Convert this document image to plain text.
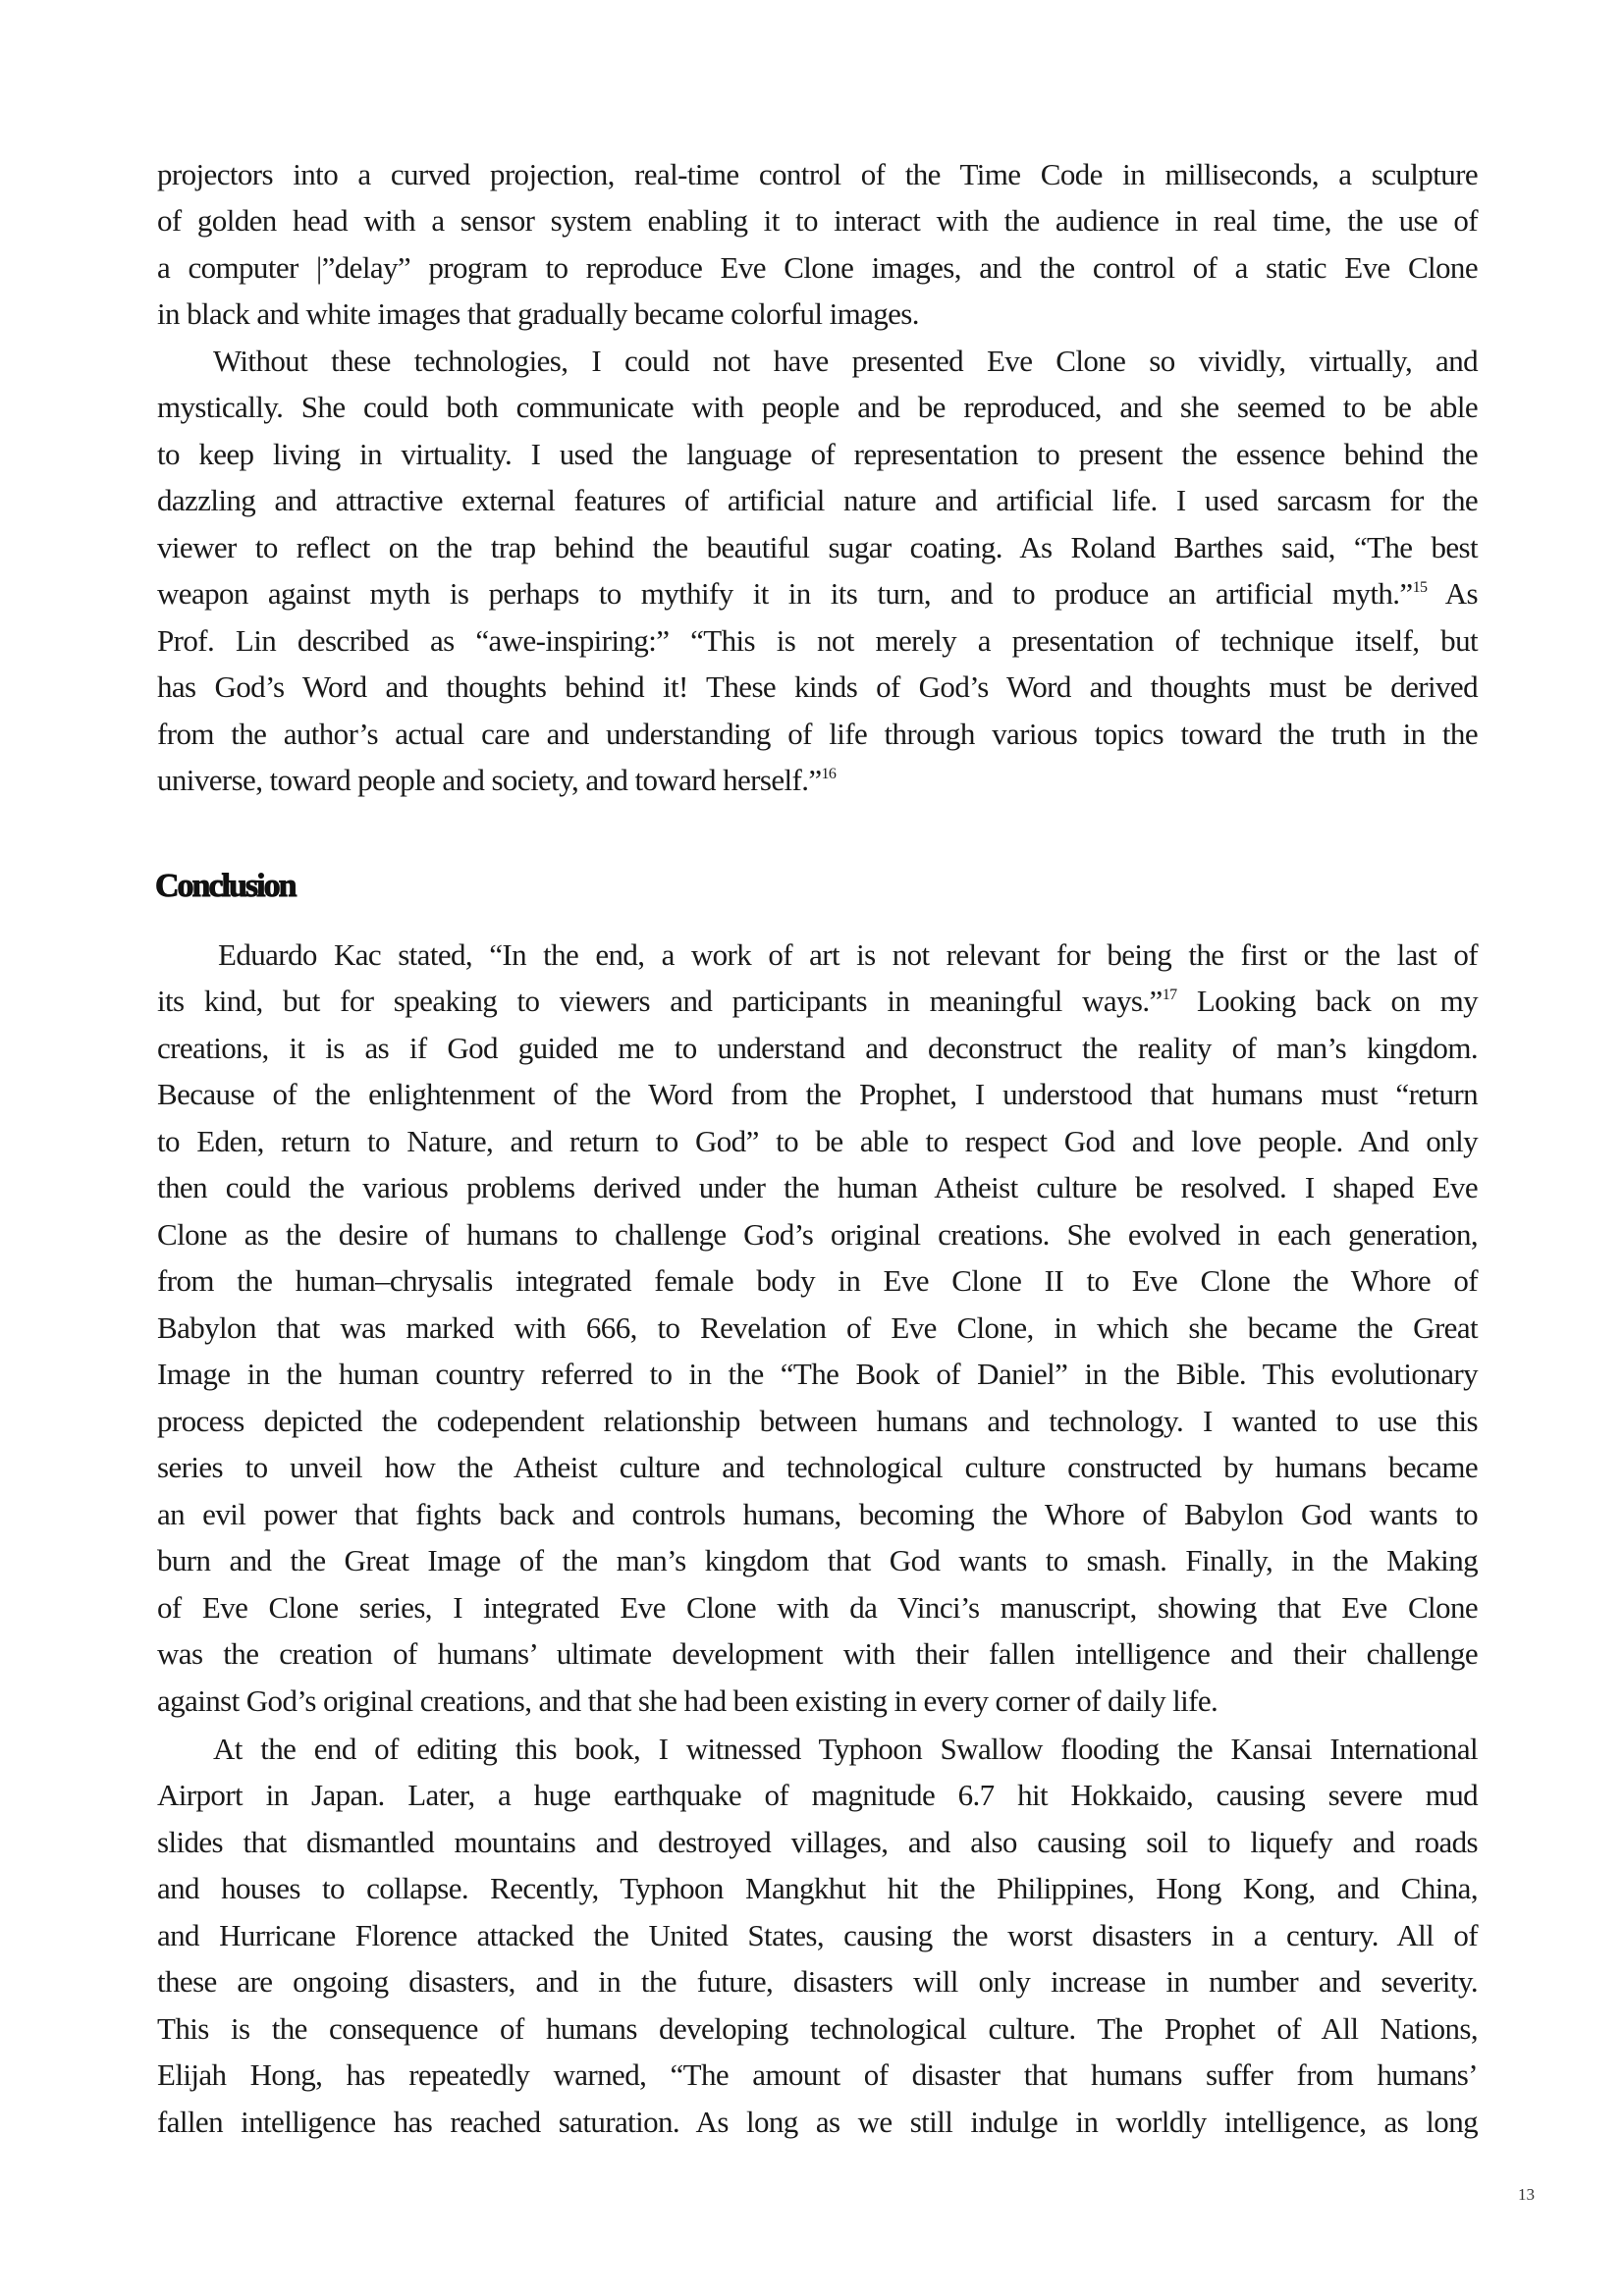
projectors into a curved projection, real-time control of the Time Code in milliseconds, a sculpture
of golden head with a sensor system enabling it to interact with the audience in real time, the use of
a computer |”delay” program to reproduce Eve Clone images, and the control of a static Eve Clone
in black and white images that gradually became colorful images.
Without these technologies, I could not have presented Eve Clone so vividly, virtually, and
mystically. She could both communicate with people and be reproduced, and she seemed to be able
to keep living in virtuality. I used the language of representation to present the essence behind the
dazzling and attractive external features of artificial nature and artificial life. I used sarcasm for the
viewer to reflect on the trap behind the beautiful sugar coating. As Roland Barthes said, “The best
weapon against myth is perhaps to mythify it in its turn, and to produce an artificial myth.”$^{15}$ As
Prof. Lin described as “awe-inspiring:” “This is not merely a presentation of technique itself, but
has God’s Word and thoughts behind it! These kinds of God’s Word and thoughts must be derived
from the author’s actual care and understanding of life through various topics toward the truth in the
universe, toward people and society, and toward herself.”$^{16}$
Conclusion
Eduardo Kac stated, “In the end, a work of art is not relevant for being the first or the last of
its kind, but for speaking to viewers and participants in meaningful ways.”$^{17}$ Looking back on my
creations, it is as if God guided me to understand and deconstruct the reality of man’s kingdom.
Because of the enlightenment of the Word from the Prophet, I understood that humans must “return
to Eden, return to Nature, and return to God” to be able to respect God and love people. And only
then could the various problems derived under the human Atheist culture be resolved. I shaped Eve
Clone as the desire of humans to challenge God’s original creations. She evolved in each generation,
from the human–chrysalis integrated female body in Eve Clone II to Eve Clone the Whore of
Babylon that was marked with 666, to Revelation of Eve Clone, in which she became the Great
Image in the human country referred to in the “The Book of Daniel” in the Bible. This evolutionary
process depicted the codependent relationship between humans and technology. I wanted to use this
series to unveil how the Atheist culture and technological culture constructed by humans became
an evil power that fights back and controls humans, becoming the Whore of Babylon God wants to
burn and the Great Image of the man’s kingdom that God wants to smash. Finally, in the Making
of Eve Clone series, I integrated Eve Clone with da Vinci’s manuscript, showing that Eve Clone
was the creation of humans’ ultimate development with their fallen intelligence and their challenge
against God’s original creations, and that she had been existing in every corner of daily life.
At the end of editing this book, I witnessed Typhoon Swallow flooding the Kansai International
Airport in Japan. Later, a huge earthquake of magnitude 6.7 hit Hokkaido, causing severe mud
slides that dismantled mountains and destroyed villages, and also causing soil to liquefy and roads
and houses to collapse. Recently, Typhoon Mangkhut hit the Philippines, Hong Kong, and China,
and Hurricane Florence attacked the United States, causing the worst disasters in a century. All of
these are ongoing disasters, and in the future, disasters will only increase in number and severity.
This is the consequence of humans developing technological culture. The Prophet of All Nations,
Elijah Hong, has repeatedly warned, “The amount of disaster that humans suffer from humans’
fallen intelligence has reached saturation. As long as we still indulge in worldly intelligence, as long
13
